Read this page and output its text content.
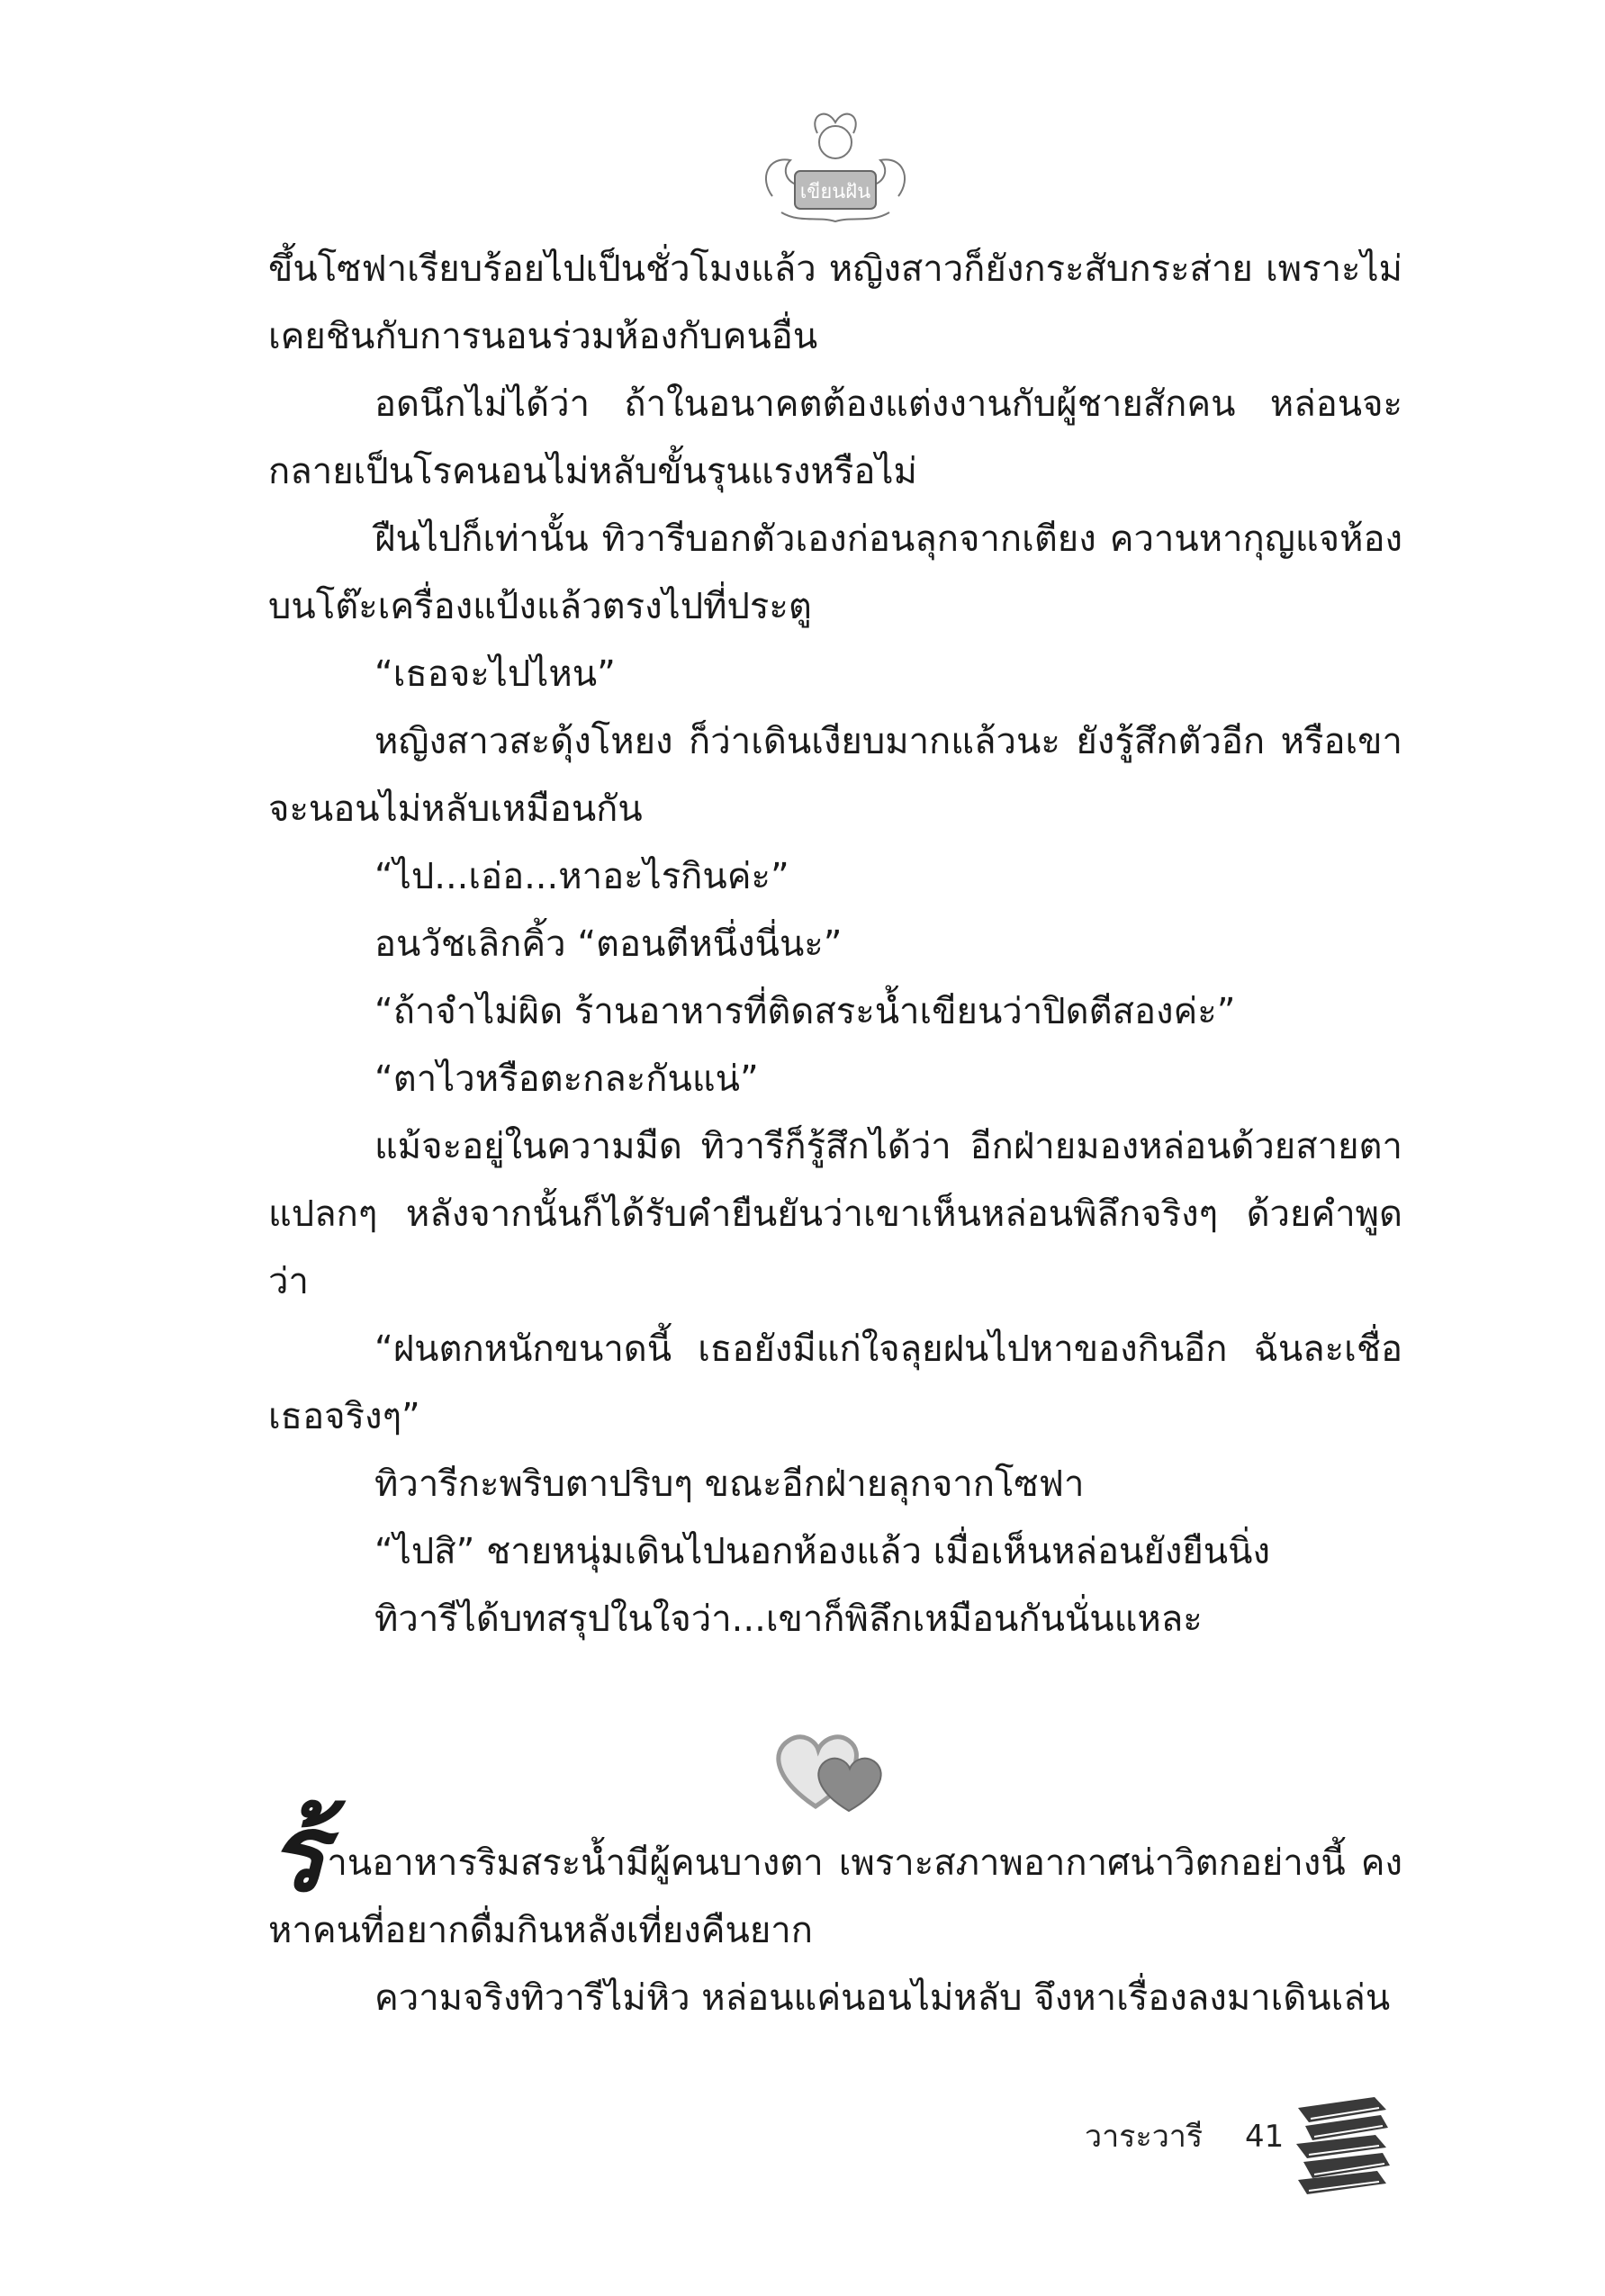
เขียนฝัน

ขึ้นโซฟาเรียบร้อยไปเป็นชั่วโมงแล้ว หญิงสาวก็ยังกระสับกระส่าย เพราะไม่เคยชินกับการนอนร่วมห้องกับคนอื่น

อดนึกไม่ได้ว่า ถ้าในอนาคตต้องแต่งงานกับผู้ชายสักคน หล่อนจะกลายเป็นโรคนอนไม่หลับขั้นรุนแรงหรือไม่

ฝืนไปก็เท่านั้น ทิวารีบอกตัวเองก่อนลุกจากเตียง ควานหากุญแจห้องบนโต๊ะเครื่องแป้งแล้วตรงไปที่ประตู

“เธอจะไปไหน”

หญิงสาวสะดุ้งโหยง ก็ว่าเดินเงียบมากแล้วนะ ยังรู้สึกตัวอีก หรือเขาจะนอนไม่หลับเหมือนกัน

“ไป...เอ่อ...หาอะไรกินค่ะ”

อนวัชเลิกคิ้ว “ตอนตีหนึ่งนี่นะ”

“ถ้าจำไม่ผิด ร้านอาหารที่ติดสระน้ำเขียนว่าปิดตีสองค่ะ”

“ตาไวหรือตะกละกันแน่”

แม้จะอยู่ในความมืด ทิวารีก็รู้สึกได้ว่า อีกฝ่ายมองหล่อนด้วยสายตาแปลกๆ หลังจากนั้นก็ได้รับคำยืนยันว่าเขาเห็นหล่อนพิลึกจริงๆ ด้วยคำพูดว่า

“ฝนตกหนักขนาดนี้ เธอยังมีแก่ใจลุยฝนไปหาของกินอีก ฉันละเชื่อเธอจริงๆ”

ทิวารีกะพริบตาปริบๆ ขณะอีกฝ่ายลุกจากโซฟา

“ไปสิ” ชายหนุ่มเดินไปนอกห้องแล้ว เมื่อเห็นหล่อนยังยืนนิ่ง

ทิวารีได้บทสรุปในใจว่า...เขาก็พิลึกเหมือนกันนั่นแหละ

ร้านอาหารริมสระน้ำมีผู้คนบางตา เพราะสภาพอากาศน่าวิตกอย่างนี้ คงหาคนที่อยากดื่มกินหลังเที่ยงคืนยาก

ความจริงทิวารีไม่หิว หล่อนแค่นอนไม่หลับ จึงหาเรื่องลงมาเดินเล่น

วาระวารี 41
